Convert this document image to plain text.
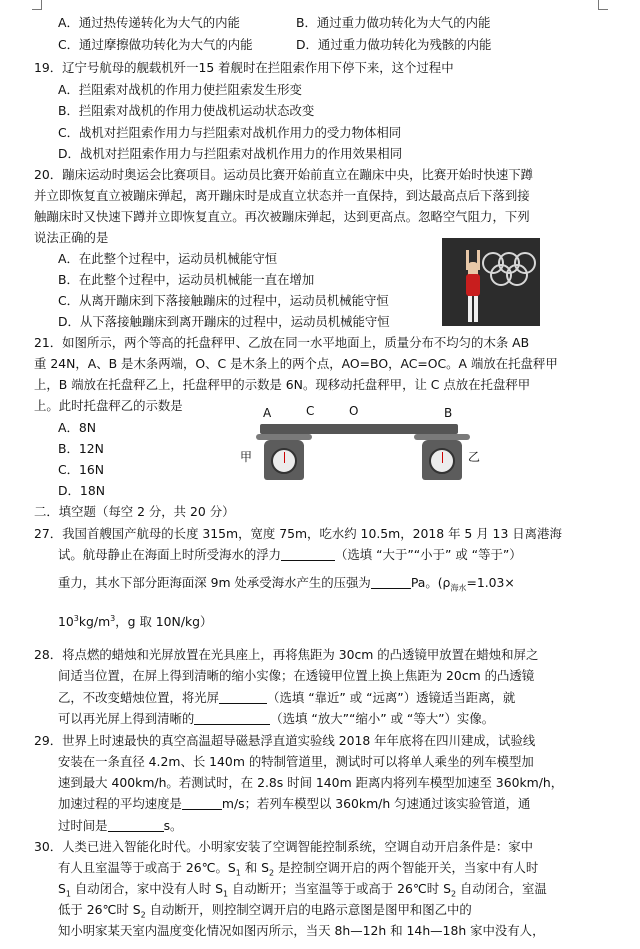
A．通过热传递转化为大气的内能	B．通过重力做功转化为大气的内能
C．通过摩擦做功转化为大气的内能	D．通过重力做功转化为残骸的内能
19．辽宁号航母的舰载机歼一15 着舰时在拦阻索作用下停下来，这个过程中
A．拦阻索对战机的作用力使拦阻索发生形变
B．拦阻索对战机的作用力使战机运动状态改变
C．战机对拦阻索作用力与拦阻索对战机作用力的受力物体相同
D．战机对拦阻索作用力与拦阻索对战机作用力的作用效果相同
20．蹦床运动时奥运会比赛项目。运动员比赛开始前直立在蹦床中央，比赛开始时快速下蹲
并立即恢复直立被蹦床弹起，离开蹦床时是成直立状态并一直保持，到达最高点后下落到接
触蹦床时又快速下蹲并立即恢复直立。再次被蹦床弹起，达到更高点。忽略空气阻力，下列
说法正确的是
A．在此整个过程中，运动员机械能守恒
B．在此整个过程中，运动员机械能一直在增加
C．从离开蹦床到下落接触蹦床的过程中，运动员机械能守恒
D．从下落接触蹦床到离开蹦床的过程中，运动员机械能守恒
21．如图所示，两个等高的托盘秤甲、乙放在同一水平地面上，质量分布不均匀的木条 AB
重 24N，A、B 是木条两端，O、C 是木条上的两个点，AO=BO，AC=OC。A 端放在托盘秤甲
上，B 端放在托盘秤乙上，托盘秤甲的示数是 6N。现移动托盘秤甲，让 C 点放在托盘秤甲
上。此时托盘秤乙的示数是
A．8N
B．12N
C．16N
D．18N
A	C	O	B
甲	乙
二．填空题（每空 2 分，共 20 分）
27．我国首艘国产航母的长度 315m，宽度 75m，吃水约 10.5m，2018 年 5 月 13 日离港海
试。航母静止在海面上时所受海水的浮力	（选填 “大于”“小于” 或 “等于”）
重力，其水下部分距海面深 9m 处承受海水产生的压强为	Pa。($\rho_{海水}=1.03\times$
$10^3kg/m^3$，g 取 10N/kg）
28．将点燃的蜡烛和光屏放置在光具座上，再将焦距为 30cm 的凸透镜甲放置在蜡烛和屏之
间适当位置，在屏上得到清晰的缩小实像；在透镜甲位置上换上焦距为 20cm 的凸透镜
乙，不改变蜡烛位置，将光屏	（选填 “靠近” 或 “远离”）透镜适当距离，就
可以再光屏上得到清晰的	（选填 “放大”“缩小” 或 “等大”）实像。
29．世界上时速最快的真空高温超导磁悬浮直道实验线 2018 年年底将在四川建成，试验线
安装在一条直径 4.2m、长 140m 的特制管道里，测试时可以将单人乘坐的列车模型加
速到最大 400km/h。若测试时，在 2.8s 时间 140m 距离内将列车模型加速至 360km/h，
加速过程的平均速度是	m/s；若列车模型以 360km/h 匀速通过该实验管道，通
过时间是	s。
30．人类已进入智能化时代。小明家安装了空调智能控制系统，空调自动开启条件是：家中
有人且室温等于或高于 26℃。$S_1$ 和 $S_2$ 是控制空调开启的两个智能开关，当家中有人时
$S_1$ 自动闭合，家中没有人时 $S_1$ 自动断开；当室温等于或高于 26℃时 $S_2$ 自动闭合，室温
低于 26℃时 $S_2$ 自动断开，则控制空调开启的电路示意图是图甲和图乙中的
知小明家某天室内温度变化情况如图丙所示，当天 8h—12h 和 14h—18h 家中没有人，
